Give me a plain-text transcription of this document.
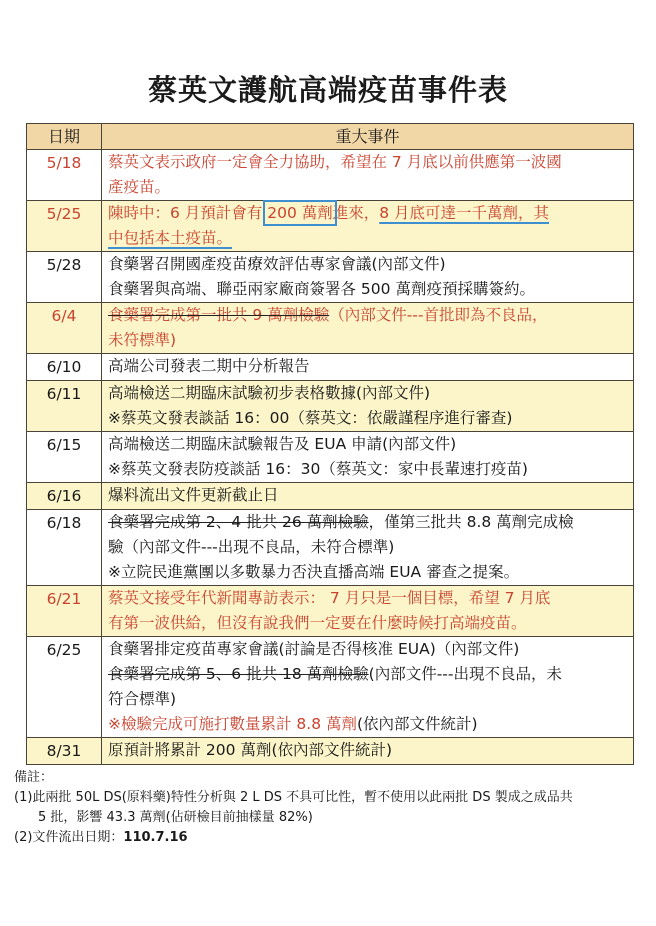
蔡英文護航高端疫苗事件表
日期	重大事件
5/18	蔡英文表示政府一定會全力協助，希望在 7 月底以前供應第一波國
產疫苗。

5/25	陳時中：6 月預計會有 200 萬劑進來，8 月底可達一千萬劑，其
中包括本土疫苗。

5/28	食藥署召開國產疫苗療效評估專家會議(內部文件)
食藥署與高端、聯亞兩家廠商簽署各 500 萬劑疫預採購簽約。

6/4	食藥署完成第一批共 9 萬劑檢驗（內部文件---首批即為不良品，
未符標準)

6/10	高端公司發表二期中分析報告

6/11	高端檢送二期臨床試驗初步表格數據(內部文件)
※蔡英文發表談話 16：00（蔡英文：依嚴謹程序進行審查)

6/15	高端檢送二期臨床試驗報告及 EUA 申請(內部文件)
※蔡英文發表防疫談話 16：30（蔡英文：家中長輩速打疫苗)

6/16	爆料流出文件更新截止日

6/18	食藥署完成第 2、4 批共 26 萬劑檢驗，僅第三批共 8.8 萬劑完成檢
驗（內部文件---出現不良品，未符合標準)
※立院民進黨團以多數暴力否決直播高端 EUA 審查之提案。

6/21	蔡英文接受年代新聞專訪表示： 7 月只是一個目標，希望 7 月底
有第一波供給，但沒有說我們一定要在什麼時候打高端疫苗。

6/25	食藥署排定疫苗專家會議(討論是否得核准 EUA)（內部文件)
食藥署完成第 5、6 批共 18 萬劑檢驗(內部文件---出現不良品，未
符合標準)
※檢驗完成可施打數量累計 8.8 萬劑(依內部文件統計)

8/31	原預計將累計 200 萬劑(依內部文件統計)
備註：
(1)此兩批 50L DS(原料藥)特性分析與 2 L DS 不具可比性，暫不使用以此兩批 DS 製成之成品共
5 批，影響 43.3 萬劑(佔研檢目前抽樣量 82%)
(2)文件流出日期：110.7.16
